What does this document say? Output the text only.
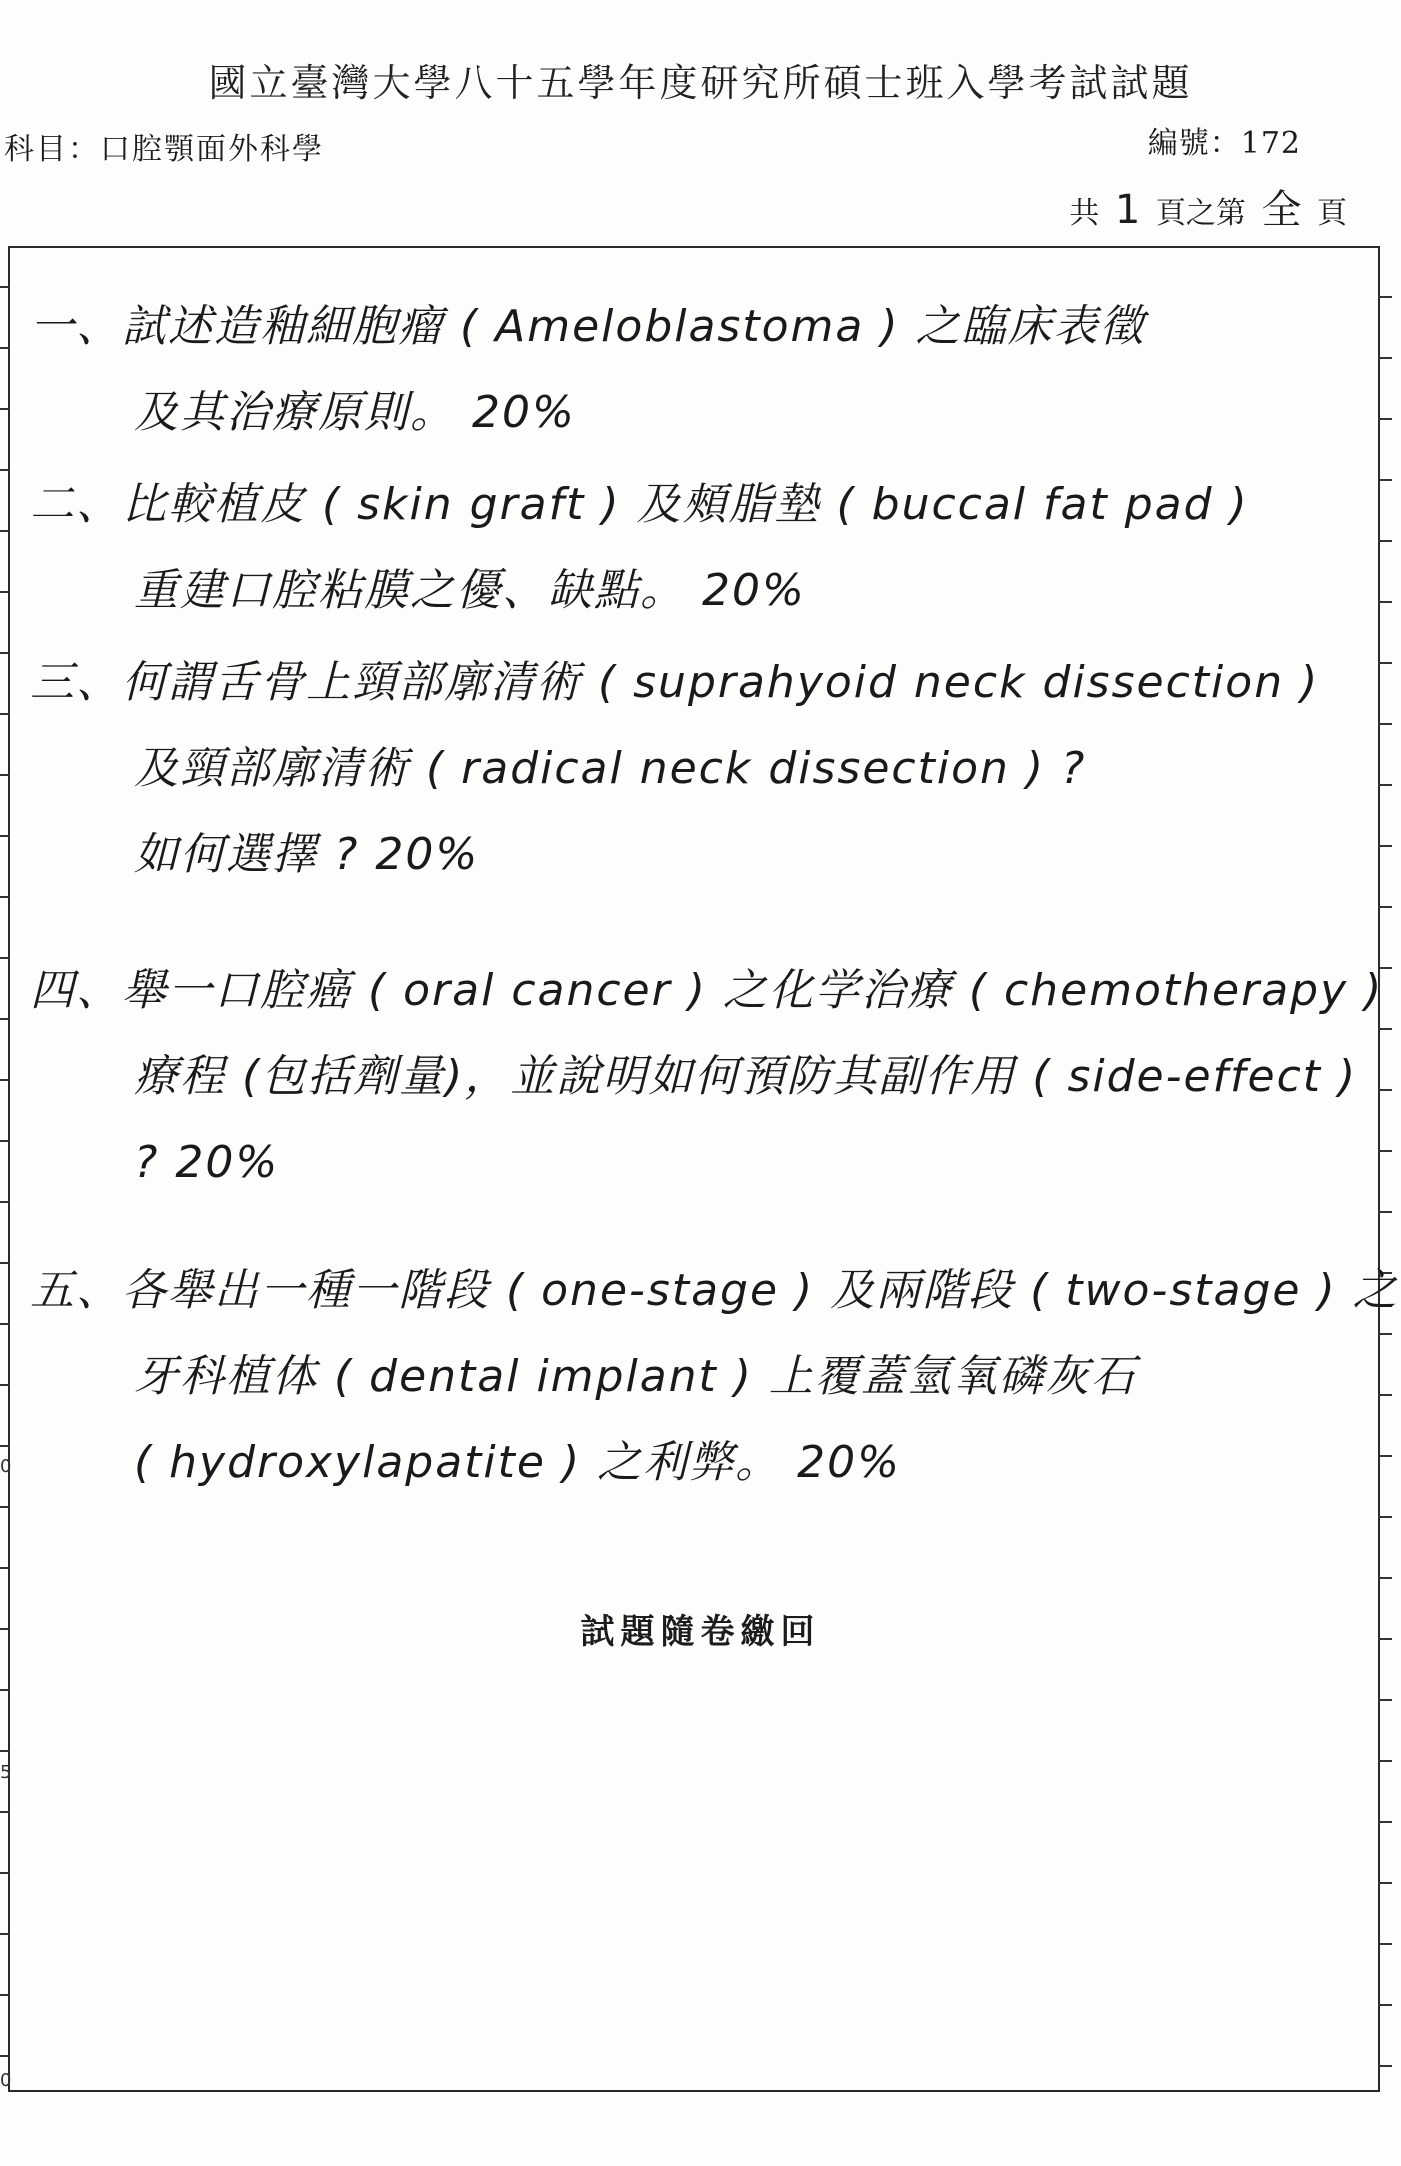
國立臺灣大學八十五學年度研究所碩士班入學考試試題
科目：口腔顎面外科學	編號：172
共 1 頁之第 全 頁
0
5
0
一、試述造釉細胞瘤 ( Ameloblastoma ) 之臨床表徵
及其治療原則。 20%
二、比較植皮 ( skin graft ) 及頰脂墊 ( buccal fat pad )
重建口腔粘膜之優、缺點。 20%
三、何謂舌骨上頸部廓清術 ( suprahyoid neck dissection )
及頸部廓清術 ( radical neck dissection ) ?
如何選擇 ? 20%
四、舉一口腔癌 ( oral cancer ) 之化学治療 ( chemotherapy )
療程 (包括劑量)，並說明如何預防其副作用 ( side-effect )
? 20%
五、各舉出一種一階段 ( one-stage ) 及兩階段 ( two-stage ) 之
牙科植体 ( dental implant ) 上覆蓋氫氧磷灰石
( hydroxylapatite ) 之利弊。 20%
試題隨卷繳回
